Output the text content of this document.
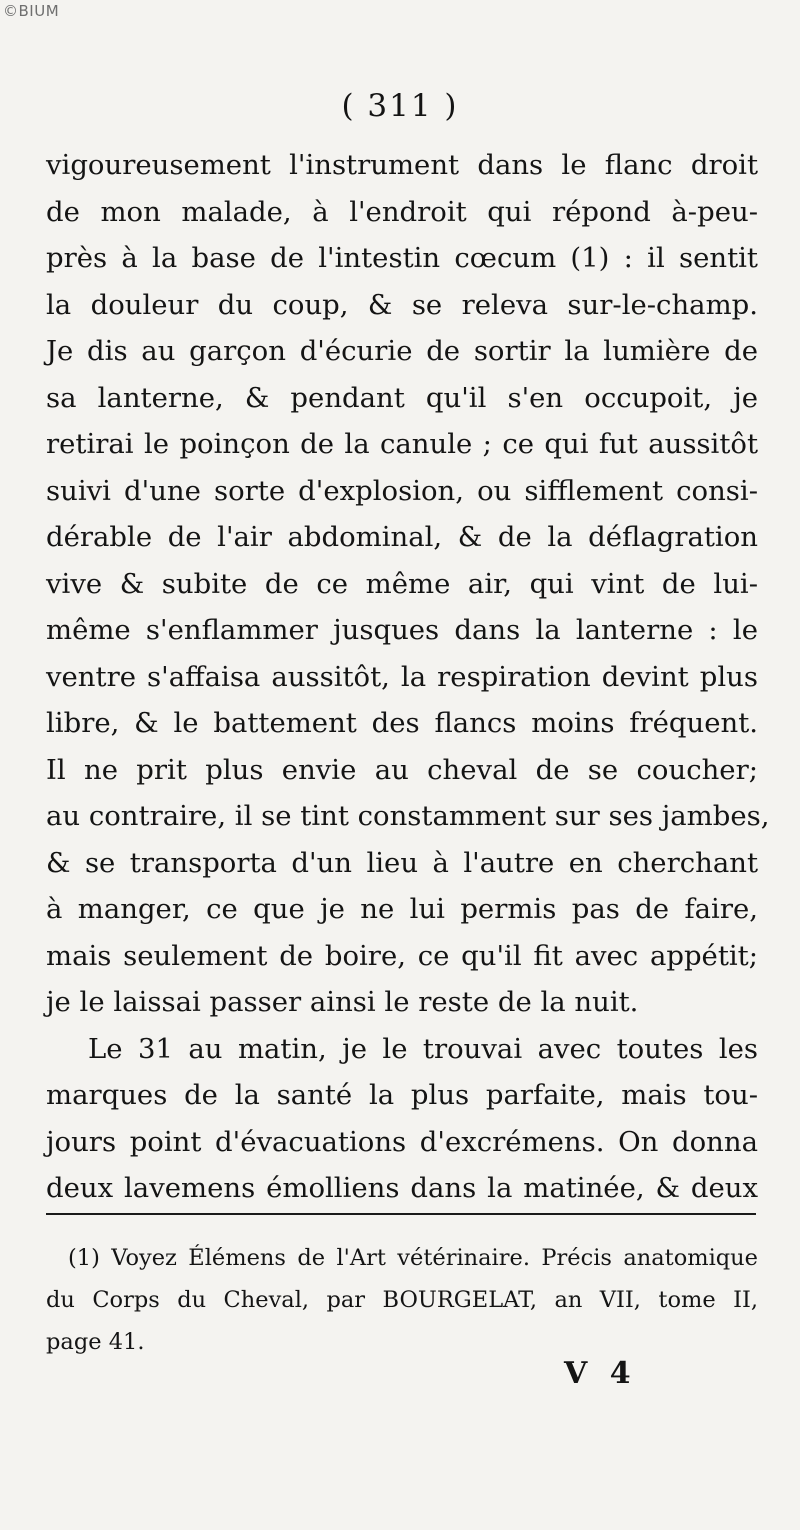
©BIUM
( 311 )
vigoureusement l'instrument dans le flanc droit
de mon malade, à l'endroit qui répond à-peu-
près à la base de l'intestin cœcum (1) : il sentit
la douleur du coup, & se releva sur-le-champ.
Je dis au garçon d'écurie de sortir la lumière de
sa lanterne, & pendant qu'il s'en occupoit, je
retirai le poinçon de la canule ; ce qui fut aussitôt
suivi d'une sorte d'explosion, ou sifflement consi-
dérable de l'air abdominal, & de la déflagration
vive & subite de ce même air, qui vint de lui-
même s'enflammer jusques dans la lanterne : le
ventre s'affaisa aussitôt, la respiration devint plus
libre, & le battement des flancs moins fréquent.
Il ne prit plus envie au cheval de se coucher;
au contraire, il se tint constamment sur ses jambes,
& se transporta d'un lieu à l'autre en cherchant
à manger, ce que je ne lui permis pas de faire,
mais seulement de boire, ce qu'il fit avec appétit;
je le laissai passer ainsi le reste de la nuit.
Le 31 au matin, je le trouvai avec toutes les
marques de la santé la plus parfaite, mais tou-
jours point d'évacuations d'excrémens. On donna
deux lavemens émolliens dans la matinée, & deux
(1) Voyez Élémens de l'Art vétérinaire. Précis anatomique
du Corps du Cheval, par BOURGELAT, an VII, tome II,
page 41.
V 4
